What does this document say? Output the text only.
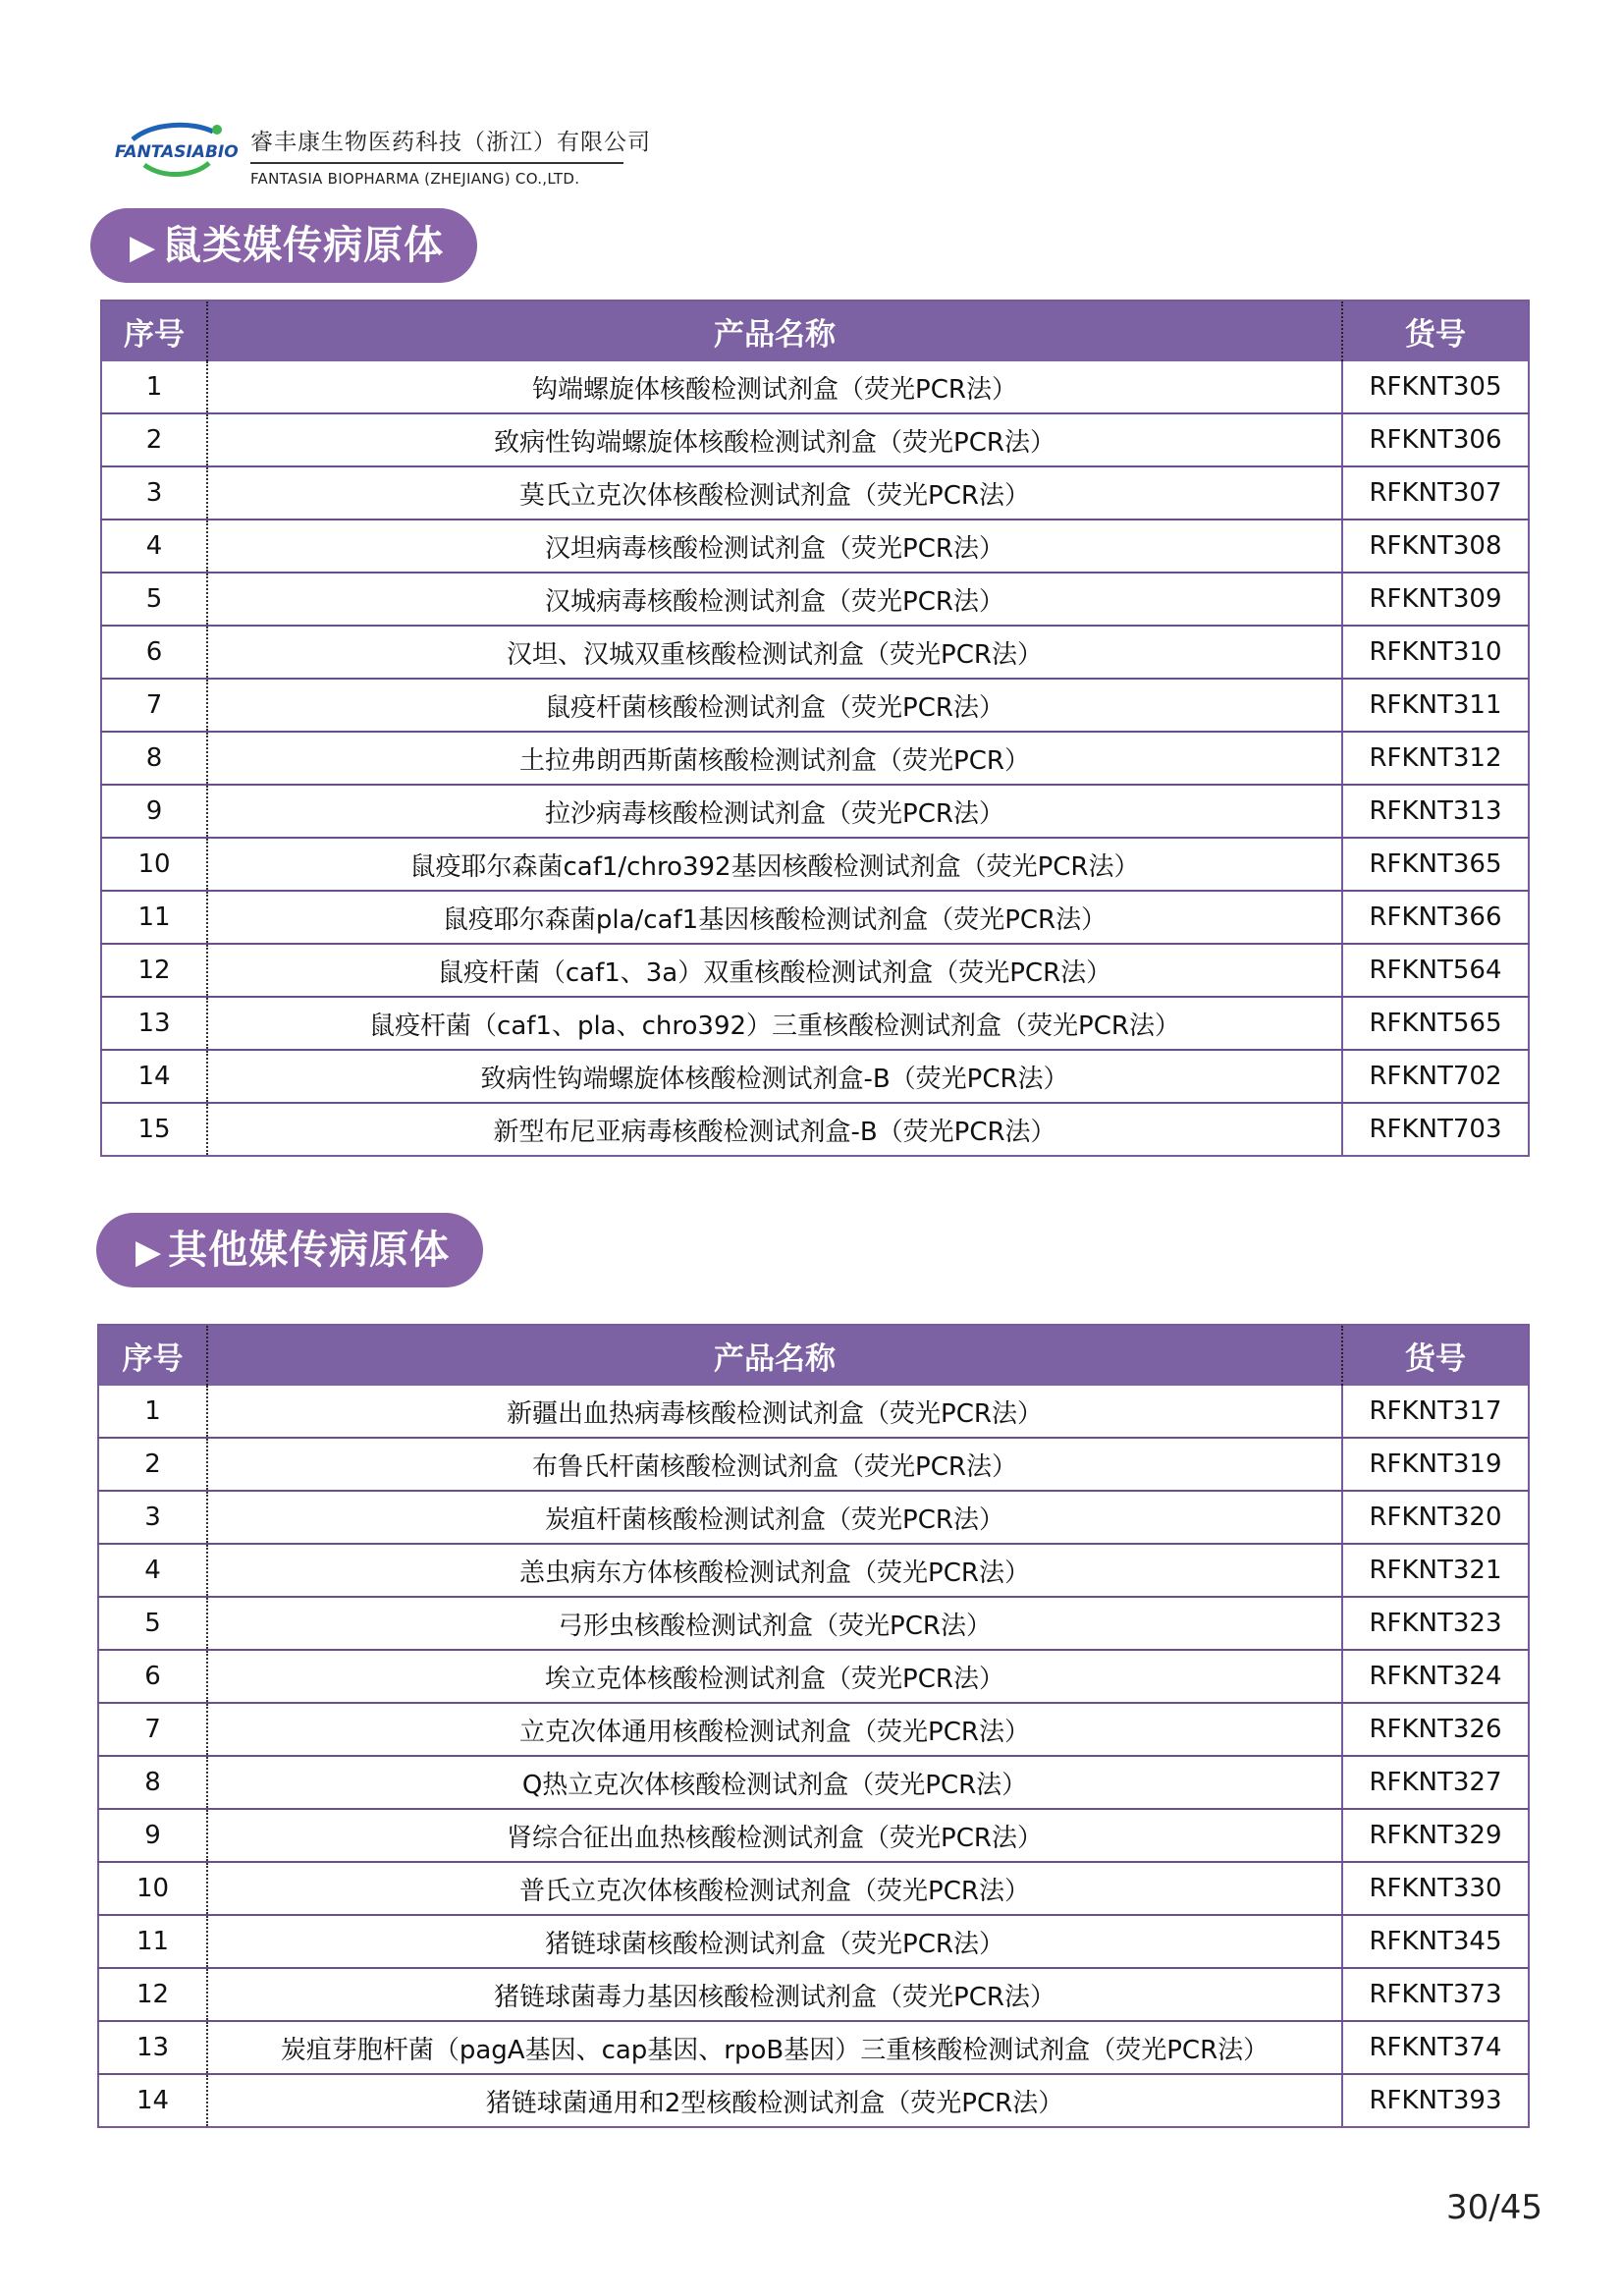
FANTASIABIO 睿丰康生物医药科技（浙江）有限公司
FANTASIA BIOPHARMA (ZHEJIANG) CO.,LTD.
▶ 鼠类媒传病原体
序号	产品名称	货号
1	钩端螺旋体核酸检测试剂盒（荧光PCR法）	RFKNT305
2	致病性钩端螺旋体核酸检测试剂盒（荧光PCR法）	RFKNT306
3	莫氏立克次体核酸检测试剂盒（荧光PCR法）	RFKNT307
4	汉坦病毒核酸检测试剂盒（荧光PCR法）	RFKNT308
5	汉城病毒核酸检测试剂盒（荧光PCR法）	RFKNT309
6	汉坦、汉城双重核酸检测试剂盒（荧光PCR法）	RFKNT310
7	鼠疫杆菌核酸检测试剂盒（荧光PCR法）	RFKNT311
8	土拉弗朗西斯菌核酸检测试剂盒（荧光PCR）	RFKNT312
9	拉沙病毒核酸检测试剂盒（荧光PCR法）	RFKNT313
10	鼠疫耶尔森菌caf1/chro392基因核酸检测试剂盒（荧光PCR法）	RFKNT365
11	鼠疫耶尔森菌pla/caf1基因核酸检测试剂盒（荧光PCR法）	RFKNT366
12	鼠疫杆菌（caf1、3a）双重核酸检测试剂盒（荧光PCR法）	RFKNT564
13	鼠疫杆菌（caf1、pla、chro392）三重核酸检测试剂盒（荧光PCR法）	RFKNT565
14	致病性钩端螺旋体核酸检测试剂盒-B（荧光PCR法）	RFKNT702
15	新型布尼亚病毒核酸检测试剂盒-B（荧光PCR法）	RFKNT703
▶ 其他媒传病原体
序号	产品名称	货号
1	新疆出血热病毒核酸检测试剂盒（荧光PCR法）	RFKNT317
2	布鲁氏杆菌核酸检测试剂盒（荧光PCR法）	RFKNT319
3	炭疽杆菌核酸检测试剂盒（荧光PCR法）	RFKNT320
4	恙虫病东方体核酸检测试剂盒（荧光PCR法）	RFKNT321
5	弓形虫核酸检测试剂盒（荧光PCR法）	RFKNT323
6	埃立克体核酸检测试剂盒（荧光PCR法）	RFKNT324
7	立克次体通用核酸检测试剂盒（荧光PCR法）	RFKNT326
8	Q热立克次体核酸检测试剂盒（荧光PCR法）	RFKNT327
9	肾综合征出血热核酸检测试剂盒（荧光PCR法）	RFKNT329
10	普氏立克次体核酸检测试剂盒（荧光PCR法）	RFKNT330
11	猪链球菌核酸检测试剂盒（荧光PCR法）	RFKNT345
12	猪链球菌毒力基因核酸检测试剂盒（荧光PCR法）	RFKNT373
13	炭疽芽胞杆菌（pagA基因、cap基因、rpoB基因）三重核酸检测试剂盒（荧光PCR法）	RFKNT374
14	猪链球菌通用和2型核酸检测试剂盒（荧光PCR法）	RFKNT393
30/45
